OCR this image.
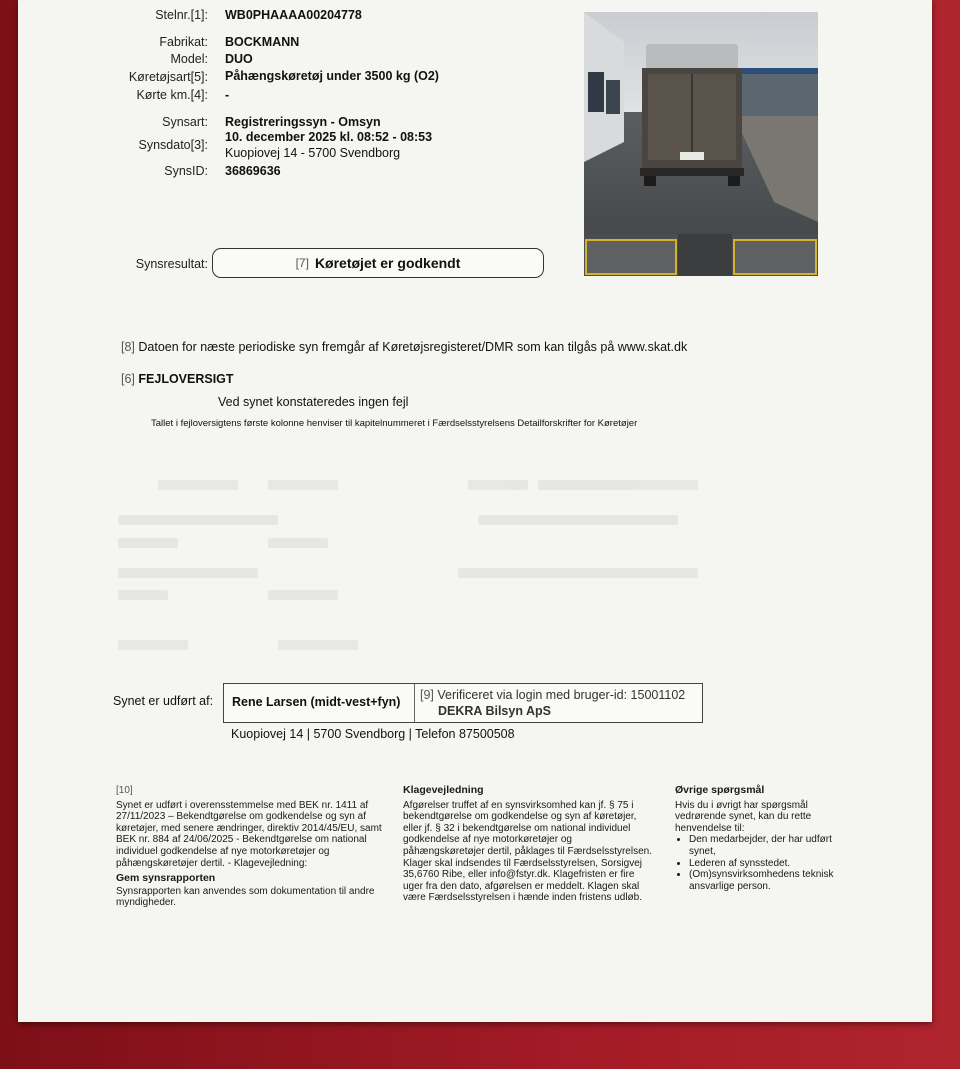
Stelnr.[1]: WB0PHAAAA00204778
Fabrikat: BOCKMANN
Model: DUO
Køretøjsart[5]: Påhængskøretøj under 3500 kg (O2)
Kørte km.[4]: -
Synsart: Registreringssyn - Omsyn
Synsdato[3]:
10. december 2025 kl. 08:52 - 08:53
Kuopiovej 14 - 5700 Svendborg
SynsID: 36869636
Synsresultat:	[7] Køretøjet er godkendt
[8] Datoen for næste periodiske syn fremgår af Køretøjsregisteret/DMR som kan tilgås på www.skat.dk
[6] FEJLOVERSIGT
Ved synet konstateredes ingen fejl
Tallet i fejloversigtens første kolonne henviser til kapitelnummeret i Færdselsstyrelsens Detailforskrifter for Køretøjer
Synet er udført af: Rene Larsen (midt-vest+fyn) [9] Verificeret via login med bruger-id: 15001102
DEKRA Bilsyn ApS
Kuopiovej 14 | 5700 Svendborg | Telefon 87500508

[10]

Synet er udført i overensstemmelse med BEK nr. 1411 af 27/11/2023 – Bekendtgørelse om godkendelse og syn af køretøjer, med senere ændringer, direktiv 2014/45/EU, samt BEK nr. 884 af 24/06/2025 - Bekendtgørelse om national individuel godkendelse af nye motorkøretøjer og påhængskøretøjer dertil. - Klagevejledning:

Gem synsrapporten

Synsrapporten kan anvendes som dokumentation til andre myndigheder.

Klagevejledning

Afgørelser truffet af en synsvirksomhed kan jf. § 75 i bekendtgørelse om godkendelse og syn af køretøjer, eller jf. § 32 i bekendtgørelse om national individuel godkendelse af nye motorkøretøjer og påhængskøretøjer dertil, påklages til Færdselsstyrelsen. Klager skal indsendes til Færdselsstyrelsen, Sorsigvej 35,6760 Ribe, eller info@fstyr.dk. Klagefristen er fire uger fra den dato, afgørelsen er meddelt. Klagen skal være Færdselsstyrelsen i hænde inden fristens udløb.

Øvrige spørgsmål

Hvis du i øvrigt har spørgsmål vedrørende synet, kan du rette henvendelse til:

• Den medarbejder, der har udført synet,
• Lederen af synsstedet.
• (Om)synsvirksomhedens teknisk ansvarlige person.
